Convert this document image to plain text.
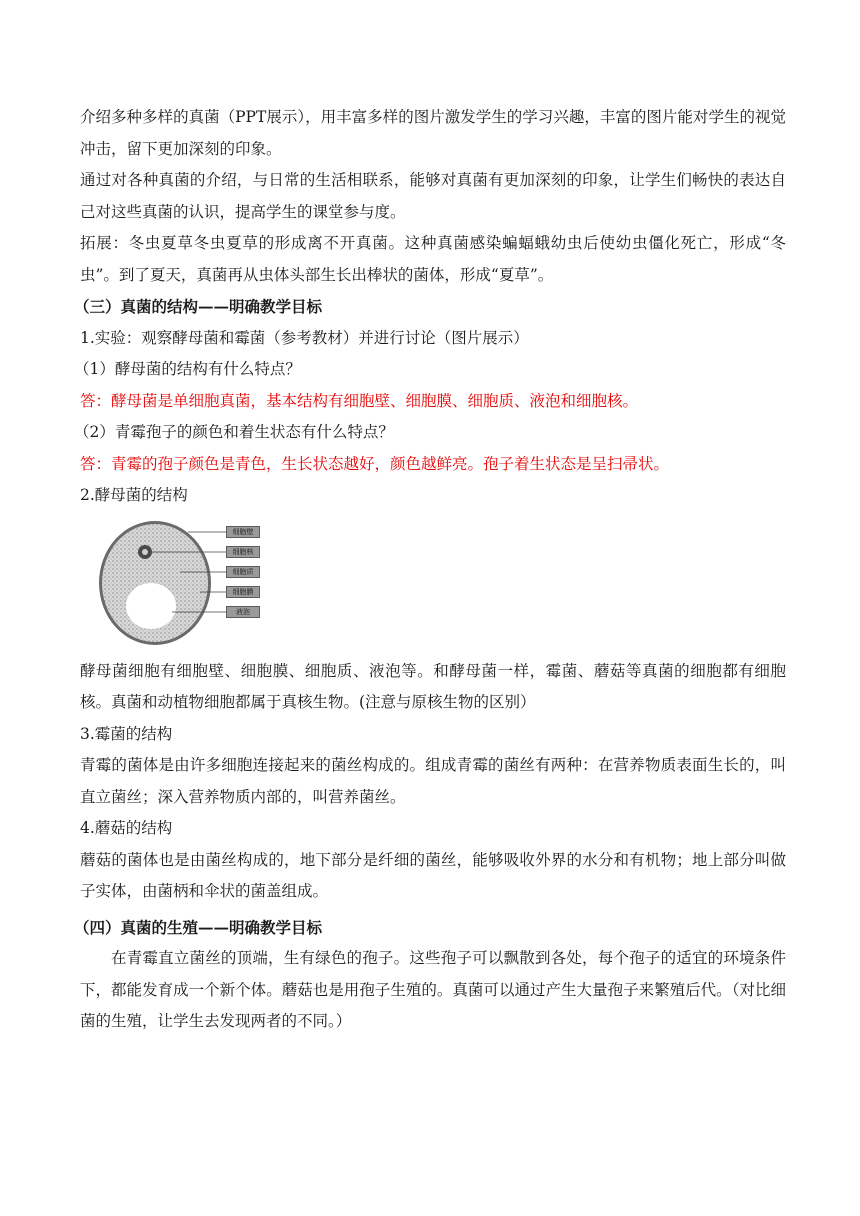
介绍多种多样的真菌（PPT展示），用丰富多样的图片激发学生的学习兴趣，丰富的图片能对学生的视觉冲击，留下更加深刻的印象。

通过对各种真菌的介绍，与日常的生活相联系，能够对真菌有更加深刻的印象，让学生们畅快的表达自己对这些真菌的认识，提高学生的课堂参与度。

拓展：冬虫夏草冬虫夏草的形成离不开真菌。这种真菌感染蝙蝠蛾幼虫后使幼虫僵化死亡，形成“冬虫”。到了夏天，真菌再从虫体头部生长出棒状的菌体，形成“夏草”。

（三）真菌的结构——明确教学目标

1.实验：观察酵母菌和霉菌（参考教材）并进行讨论（图片展示）

（1）酵母菌的结构有什么特点？

答：酵母菌是单细胞真菌，基本结构有细胞壁、细胞膜、细胞质、液泡和细胞核。

（2）青霉孢子的颜色和着生状态有什么特点？

答：青霉的孢子颜色是青色，生长状态越好，颜色越鲜亮。孢子着生状态是呈扫帚状。

2.酵母菌的结构

细胞壁
细胞核
细胞质
细胞膜
液泡

酵母菌细胞有细胞壁、细胞膜、细胞质、液泡等。和酵母菌一样，霉菌、蘑菇等真菌的细胞都有细胞核。真菌和动植物细胞都属于真核生物。(注意与原核生物的区别）

3.霉菌的结构

青霉的菌体是由许多细胞连接起来的菌丝构成的。组成青霉的菌丝有两种：在营养物质表面生长的，叫直立菌丝；深入营养物质内部的，叫营养菌丝。

4.蘑菇的结构

蘑菇的菌体也是由菌丝构成的，地下部分是纤细的菌丝，能够吸收外界的水分和有机物；地上部分叫做子实体，由菌柄和伞状的菌盖组成。

（四）真菌的生殖——明确教学目标

在青霉直立菌丝的顶端，生有绿色的孢子。这些孢子可以飘散到各处，每个孢子的适宜的环境条件下，都能发育成一个新个体。蘑菇也是用孢子生殖的。真菌可以通过产生大量孢子来繁殖后代。（对比细菌的生殖，让学生去发现两者的不同。）
